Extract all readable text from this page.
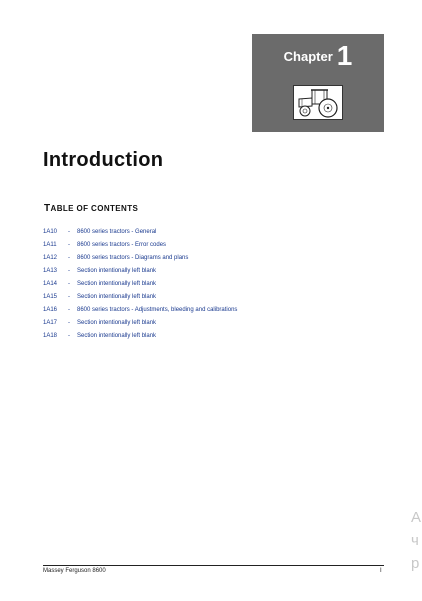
$^{Chapter}$ 1
Introduction
TABLE OF CONTENTS
1A10 - 8600 series tractors - General
1A11 - 8600 series tractors - Error codes
1A12 - 8600 series tractors - Diagrams and plans
1A13 - Section intentionally left blank
1A14 - Section intentionally left blank
1A15 - Section intentionally left blank
1A16 - 8600 series tractors - Adjustments, bleeding and calibrations
1A17 - Section intentionally left blank
1A18 - Section intentionally left blank
Massey Ferguson 8600	I
А
ч
р
